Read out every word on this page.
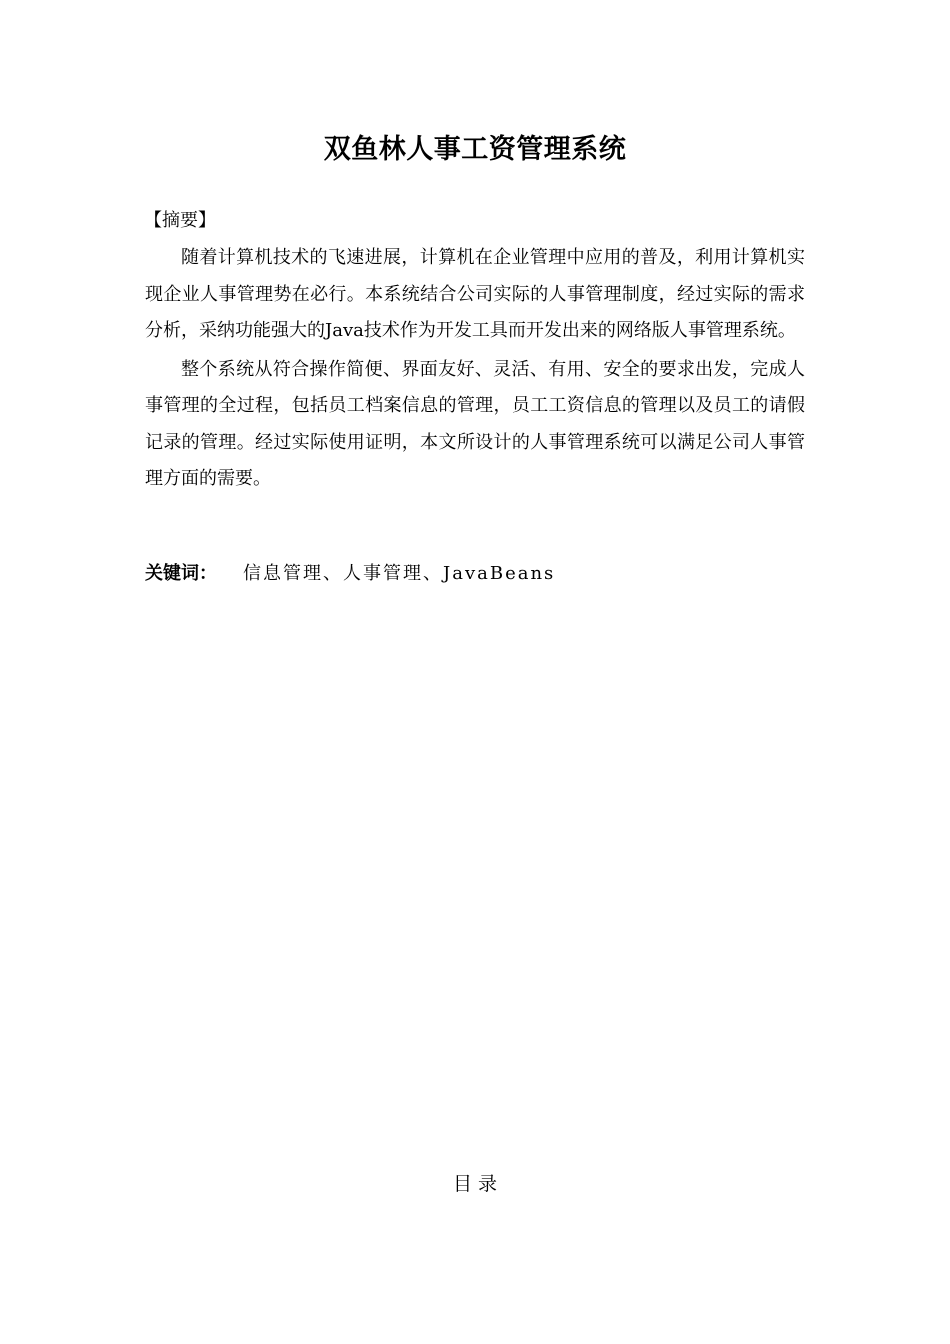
双鱼林人事工资管理系统
【摘要】

随着计算机技术的飞速进展，计算机在企业管理中应用的普及，利用计算机实现企业人事管理势在必行。本系统结合公司实际的人事管理制度，经过实际的需求分析，采纳功能强大的Java技术作为开发工具而开发出来的网络版人事管理系统。

整个系统从符合操作简便、界面友好、灵活、有用、安全的要求出发，完成人事管理的全过程，包括员工档案信息的管理，员工工资信息的管理以及员工的请假记录的管理。经过实际使用证明，本文所设计的人事管理系统可以满足公司人事管理方面的需要。

关键词： 信息管理、人事管理、JavaBeans
目 录
